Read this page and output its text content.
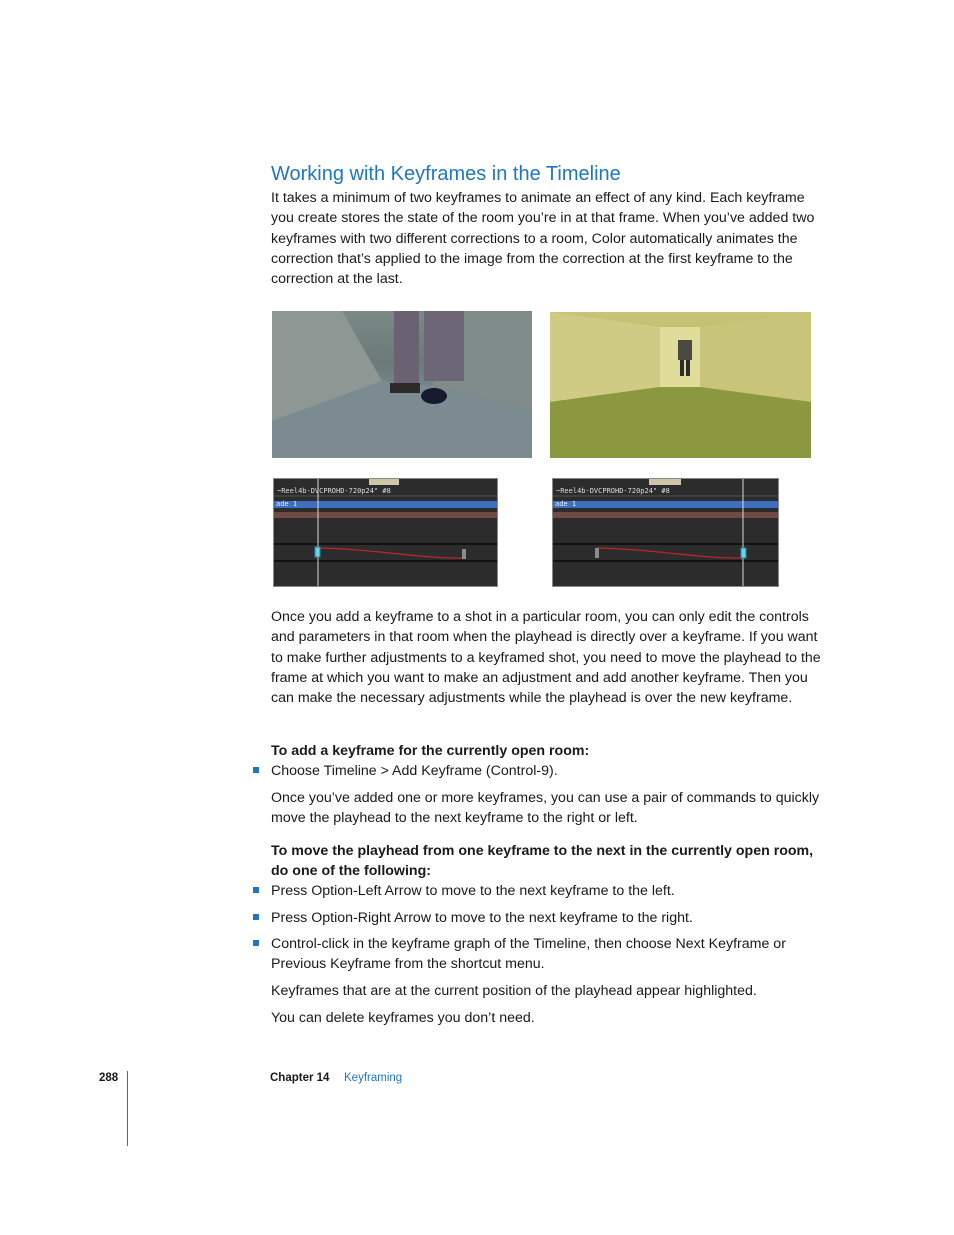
Working with Keyframes in the Timeline

It takes a minimum of two keyframes to animate an effect of any kind. Each keyframe you create stores the state of the room you’re in at that frame. When you’ve added two keyframes with two different corrections to a room, Color automatically animates the correction that’s applied to the image from the correction at the first keyframe to the correction at the last.

~Reel4b-DVCPROHD-720p24" #8
ade 1
~Reel4b-DVCPROHD-720p24" #8
ade 1

Once you add a keyframe to a shot in a particular room, you can only edit the controls and parameters in that room when the playhead is directly over a keyframe. If you want to make further adjustments to a keyframed shot, you need to move the playhead to the frame at which you want to make an adjustment and add another keyframe. Then you can make the necessary adjustments while the playhead is over the new keyframe.

To add a keyframe for the currently open room:

Choose Timeline > Add Keyframe (Control-9).

Once you’ve added one or more keyframes, you can use a pair of commands to quickly move the playhead to the next keyframe to the right or left.

To move the playhead from one keyframe to the next in the currently open room, do one of the following:

Press Option-Left Arrow to move to the next keyframe to the left.

Press Option-Right Arrow to move to the next keyframe to the right.

Control-click in the keyframe graph of the Timeline, then choose Next Keyframe or Previous Keyframe from the shortcut menu.

Keyframes that are at the current position of the playhead appear highlighted.

You can delete keyframes you don’t need.

288	Chapter 14 Keyframing
